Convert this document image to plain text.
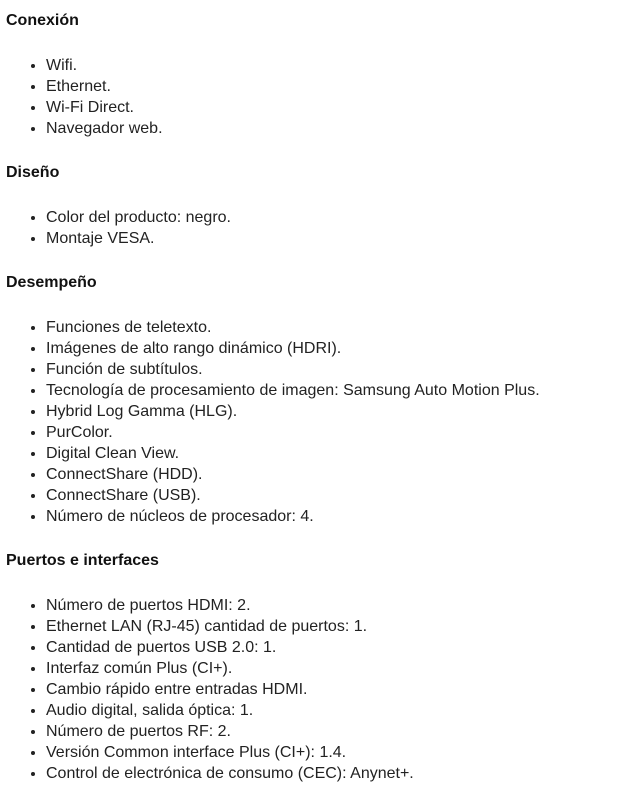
Conexión
• Wifi.
• Ethernet.
• Wi-Fi Direct.
• Navegador web.
Diseño
• Color del producto: negro.
• Montaje VESA.
Desempeño
• Funciones de teletexto.
• Imágenes de alto rango dinámico (HDRI).
• Función de subtítulos.
• Tecnología de procesamiento de imagen: Samsung Auto Motion Plus.
• Hybrid Log Gamma (HLG).
• PurColor.
• Digital Clean View.
• ConnectShare (HDD).
• ConnectShare (USB).
• Número de núcleos de procesador: 4.
Puertos e interfaces
• Número de puertos HDMI: 2.
• Ethernet LAN (RJ-45) cantidad de puertos: 1.
• Cantidad de puertos USB 2.0: 1.
• Interfaz común Plus (CI+).
• Cambio rápido entre entradas HDMI.
• Audio digital, salida óptica: 1.
• Número de puertos RF: 2.
• Versión Common interface Plus (CI+): 1.4.
• Control de electrónica de consumo (CEC): Anynet+.
